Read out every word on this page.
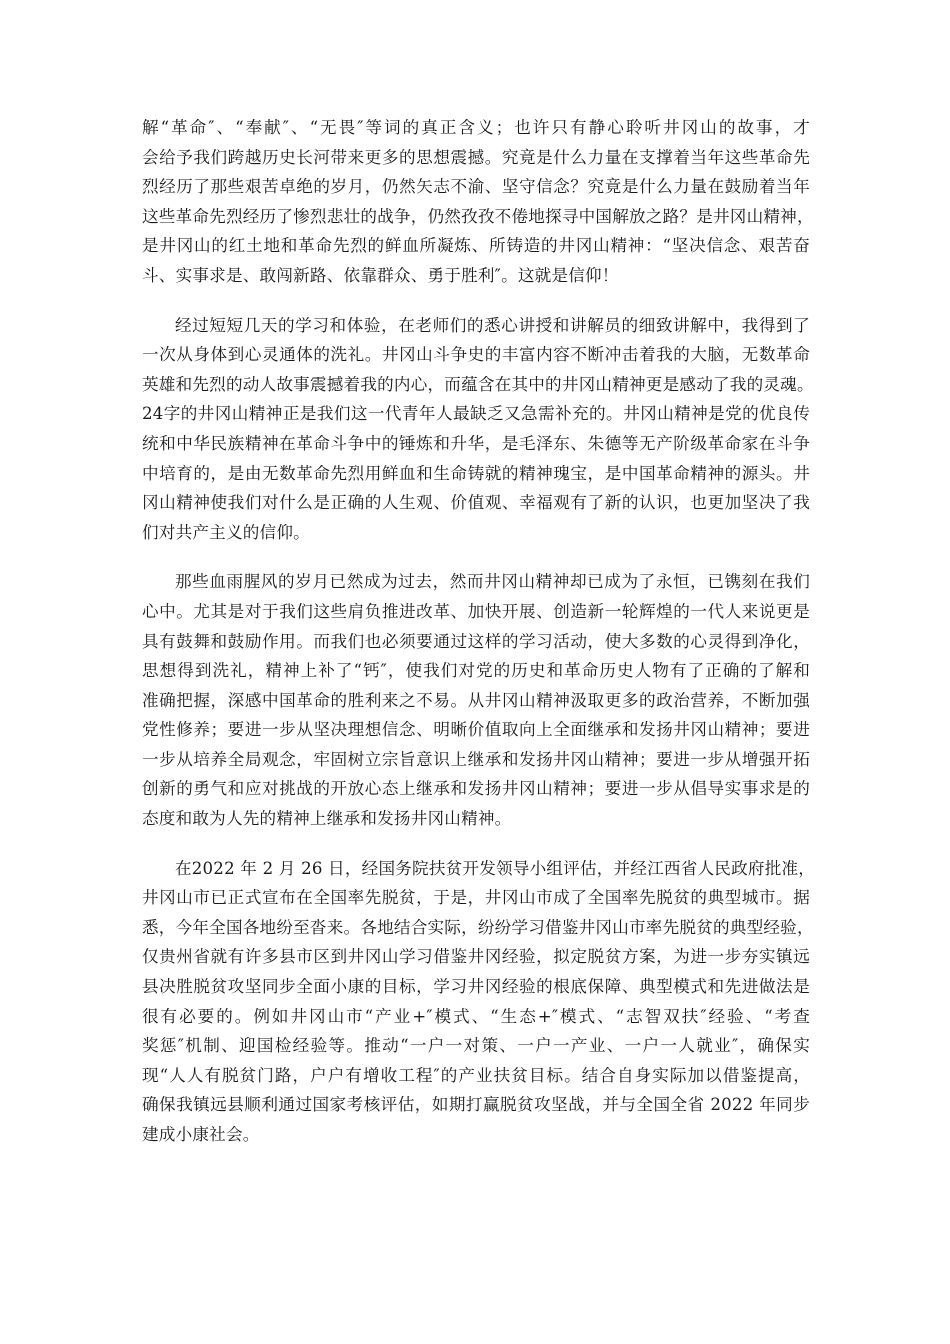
解“革命″、“奉献″、“无畏″等词的真正含义；也许只有静心聆听井冈山的故事，才
会给予我们跨越历史长河带来更多的思想震撼。究竟是什么力量在支撑着当年这些革命先
烈经历了那些艰苦卓绝的岁月，仍然矢志不渝、坚守信念？究竟是什么力量在鼓励着当年
这些革命先烈经历了惨烈悲壮的战争，仍然孜孜不倦地探寻中国解放之路？是井冈山精神，
是井冈山的红土地和革命先烈的鲜血所凝炼、所铸造的井冈山精神：“坚决信念、艰苦奋
斗、实事求是、敢闯新路、依靠群众、勇于胜利″。这就是信仰！
经过短短几天的学习和体验，在老师们的悉心讲授和讲解员的细致讲解中，我得到了
一次从身体到心灵通体的洗礼。井冈山斗争史的丰富内容不断冲击着我的大脑，无数革命
英雄和先烈的动人故事震撼着我的内心，而蕴含在其中的井冈山精神更是感动了我的灵魂。
24字的井冈山精神正是我们这一代青年人最缺乏又急需补充的。井冈山精神是党的优良传
统和中华民族精神在革命斗争中的锤炼和升华，是毛泽东、朱德等无产阶级革命家在斗争
中培育的，是由无数革命先烈用鲜血和生命铸就的精神瑰宝，是中国革命精神的源头。井
冈山精神使我们对什么是正确的人生观、价值观、幸福观有了新的认识，也更加坚决了我
们对共产主义的信仰。
那些血雨腥风的岁月已然成为过去，然而井冈山精神却已成为了永恒，已镌刻在我们
心中。尤其是对于我们这些肩负推进改革、加快开展、创造新一轮辉煌的一代人来说更是
具有鼓舞和鼓励作用。而我们也必须要通过这样的学习活动，使大多数的心灵得到净化，
思想得到洗礼，精神上补了“钙″，使我们对党的历史和革命历史人物有了正确的了解和
准确把握，深感中国革命的胜利来之不易。从井冈山精神汲取更多的政治营养，不断加强
党性修养；要进一步从坚决理想信念、明晰价值取向上全面继承和发扬井冈山精神；要进
一步从培养全局观念，牢固树立宗旨意识上继承和发扬井冈山精神；要进一步从增强开拓
创新的勇气和应对挑战的开放心态上继承和发扬井冈山精神；要进一步从倡导实事求是的
态度和敢为人先的精神上继承和发扬井冈山精神。
在2022 年 2 月 26 日，经国务院扶贫开发领导小组评估，并经江西省人民政府批准，
井冈山市已正式宣布在全国率先脱贫，于是，井冈山市成了全国率先脱贫的典型城市。据
悉，今年全国各地纷至沓来。各地结合实际，纷纷学习借鉴井冈山市率先脱贫的典型经验，
仅贵州省就有许多县市区到井冈山学习借鉴井冈经验，拟定脱贫方案，为进一步夯实镇远
县决胜脱贫攻坚同步全面小康的目标，学习井冈经验的根底保障、典型模式和先进做法是
很有必要的。例如井冈山市“产业+″模式、“生态+″模式、“志智双扶″经验、“考查
奖惩″机制、迎国检经验等。推动“一户一对策、一户一产业、一户一人就业″，确保实
现“人人有脱贫门路，户户有增收工程″的产业扶贫目标。结合自身实际加以借鉴提高，
确保我镇远县顺利通过国家考核评估，如期打赢脱贫攻坚战，并与全国全省 2022 年同步
建成小康社会。
